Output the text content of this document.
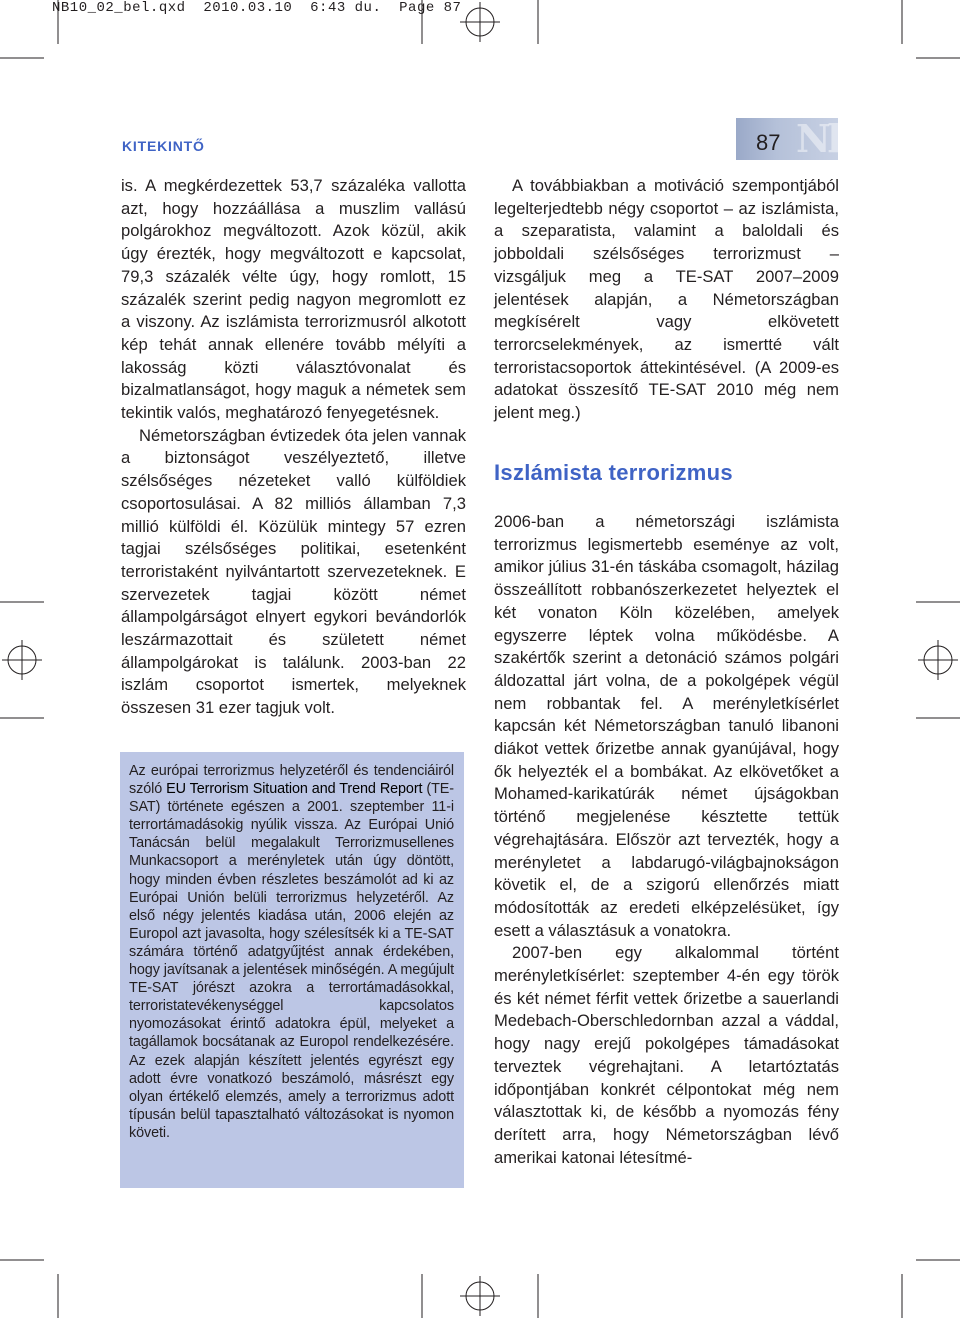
NB10_02_bel.qxd  2010.03.10  6:43 du.  Page 87
KITEKINTŐ	Nb
87

is. A megkérdezettek 53,7 százaléka vallotta azt, hogy hozzáállása a muszlim vallású polgárokhoz megváltozott. Azok közül, akik úgy érezték, hogy megváltozott e kapcsolat, 79,3 százalék vélte úgy, hogy romlott, 15 százalék szerint pedig nagyon megromlott ez a viszony. Az iszlámista terrorizmusról alkotott kép tehát annak ellenére tovább mélyíti a lakosság közti választóvonalat és bizalmatlanságot, hogy maguk a németek sem tekintik valós, meghatározó fenyegetésnek.

Németországban évtizedek óta jelen vannak a biztonságot veszélyeztető, illetve szélsőséges nézeteket valló külföldiek csoportosulásai. A 82 milliós államban 7,3 millió külföldi él. Közülük mintegy 57 ezren tagjai szélsőséges politikai, esetenként terroristaként nyilvántartott szervezeteknek. E szervezetek tagjai között német állampolgárságot elnyert egykori bevándorlók leszármazottait és született német állampolgárokat is találunk. 2003-ban 22 iszlám csoportot ismertek, melyeknek összesen 31 ezer tagjuk volt.

Az európai terrorizmus helyzetéről és tendenciáiról szóló EU Terrorism Situation and Trend Report (TE-SAT) története egészen a 2001. szeptember 11-i terrortámadásokig nyúlik vissza. Az Európai Unió Tanácsán belül megalakult Terrorizmusellenes Munkacsoport a merényletek után úgy döntött, hogy minden évben részletes beszámolót ad ki az Európai Unión belüli terrorizmus helyzetéről. Az első négy jelentés kiadása után, 2006 elején az Europol azt javasolta, hogy szélesítsék ki a TE-SAT számára történő adatgyűjtést annak érdekében, hogy javítsanak a jelentések minőségén. A megújult TE-SAT jórészt azokra a terrortámadásokkal, terroristatevékenységgel kapcsolatos nyomozásokat érintő adatokra épül, melyeket a tagállamok bocsátanak az Europol rendelkezésére. Az ezek alapján készített jelentés egyrészt egy adott évre vonatkozó beszámoló, másrészt egy olyan értékelő elemzés, amely a terrorizmus adott típusán belül tapasztalható változásokat is nyomon követi.

A továbbiakban a motiváció szempontjából legelterjedtebb négy csoportot – az iszlámista, a szeparatista, valamint a baloldali és jobboldali szélsőséges terrorizmust – vizsgáljuk meg a TE-SAT 2007–2009 jelentések alapján, a Németországban megkísérelt vagy elkövetett terrorcselekmények, az ismertté vált terroristacsoportok áttekintésével. (A 2009-es adatokat összesítő TE-SAT 2010 még nem jelent meg.)

Iszlámista terrorizmus

2006-ban a németországi iszlámista terrorizmus legismertebb eseménye az volt, amikor július 31-én táskába csomagolt, házilag összeállított robbanószerkezetet helyeztek el két vonaton Köln közelében, amelyek egyszerre léptek volna működésbe. A szakértők szerint a detonáció számos polgári áldozattal járt volna, de a pokolgépek végül nem robbantak fel. A merényletkísérlet kapcsán két Németországban tanuló libanoni diákot vettek őrizetbe annak gyanújával, hogy ők helyezték el a bombákat. Az elkövetőket a Mohamed-karikatúrák német újságokban történő megjelenése késztette tettük végrehajtására. Először azt tervezték, hogy a merényletet a labdarugó-világbajnokságon követik el, de a szigorú ellenőrzés miatt módosították az eredeti elképzelésüket, így esett a választásuk a vonatokra.

2007-ben egy alkalommal történt merényletkísérlet: szeptember 4-én egy török és két német férfit vettek őrizetbe a sauerlandi Medebach-Oberschledornban azzal a váddal, hogy nagy erejű pokolgépes támadásokat terveztek végrehajtani. A letartóztatás időpontjában konkrét célpontokat még nem választottak ki, de később a nyomozás fény derített arra, hogy Németországban lévő amerikai katonai létesítmé-
